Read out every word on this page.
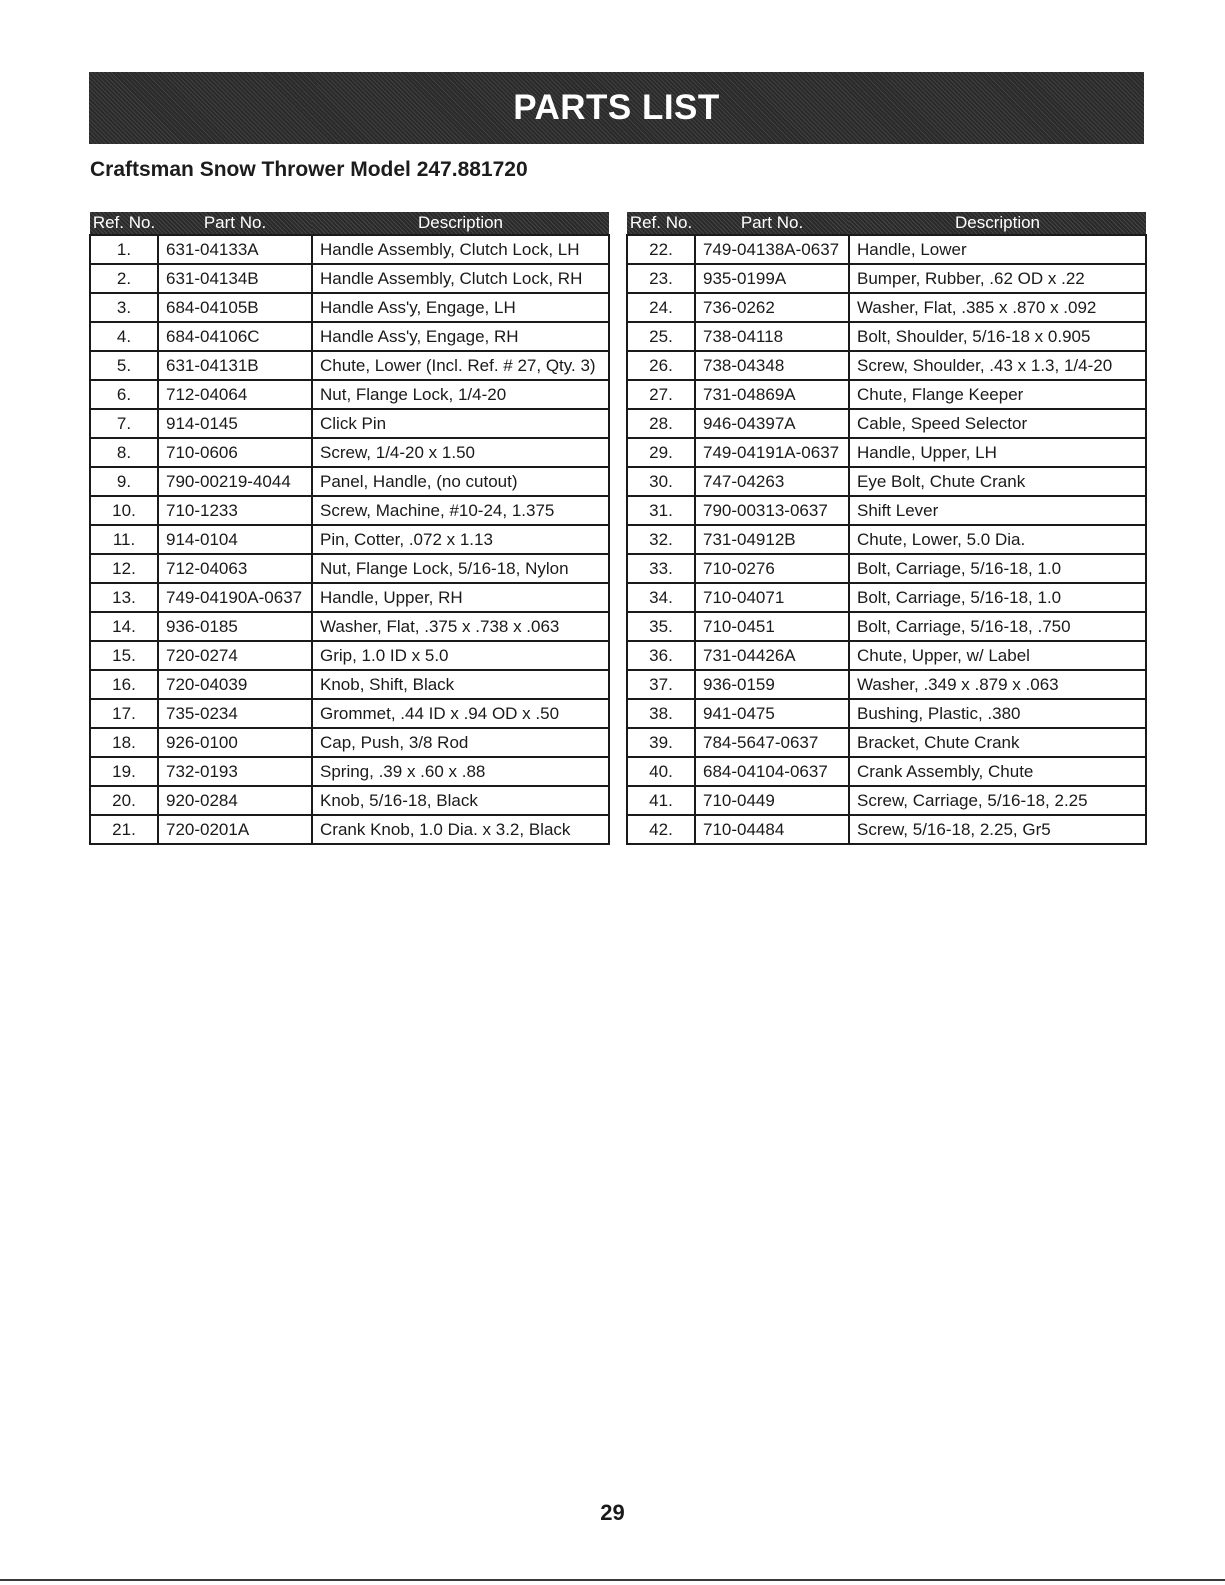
PARTS LIST
Craftsman Snow Thrower Model 247.881720
Ref. No.	Part No.	Description
1.	631-04133A	Handle Assembly, Clutch Lock, LH
2.	631-04134B	Handle Assembly, Clutch Lock, RH
3.	684-04105B	Handle Ass'y, Engage, LH
4.	684-04106C	Handle Ass'y, Engage, RH
5.	631-04131B	Chute, Lower (Incl. Ref. # 27, Qty. 3)
6.	712-04064	Nut, Flange Lock, 1/4-20
7.	914-0145	Click Pin
8.	710-0606	Screw, 1/4-20 x 1.50
9.	790-00219-4044	Panel, Handle, (no cutout)
10.	710-1233	Screw, Machine, #10-24, 1.375
11.	914-0104	Pin, Cotter, .072 x 1.13
12.	712-04063	Nut, Flange Lock, 5/16-18, Nylon
13.	749-04190A-0637	Handle, Upper, RH
14.	936-0185	Washer, Flat, .375 x .738 x .063
15.	720-0274	Grip, 1.0 ID x 5.0
16.	720-04039	Knob, Shift, Black
17.	735-0234	Grommet, .44 ID x .94 OD x .50
18.	926-0100	Cap, Push, 3/8 Rod
19.	732-0193	Spring, .39 x .60 x .88
20.	920-0284	Knob, 5/16-18, Black
21.	720-0201A	Crank Knob, 1.0 Dia. x 3.2, Black
Ref. No.	Part No.	Description
22.	749-04138A-0637	Handle, Lower
23.	935-0199A	Bumper, Rubber, .62 OD x .22
24.	736-0262	Washer, Flat, .385 x .870 x .092
25.	738-04118	Bolt, Shoulder, 5/16-18 x 0.905
26.	738-04348	Screw, Shoulder, .43 x 1.3, 1/4-20
27.	731-04869A	Chute, Flange Keeper
28.	946-04397A	Cable, Speed Selector
29.	749-04191A-0637	Handle, Upper, LH
30.	747-04263	Eye Bolt, Chute Crank
31.	790-00313-0637	Shift Lever
32.	731-04912B	Chute, Lower, 5.0 Dia.
33.	710-0276	Bolt, Carriage, 5/16-18, 1.0
34.	710-04071	Bolt, Carriage, 5/16-18, 1.0
35.	710-0451	Bolt, Carriage, 5/16-18, .750
36.	731-04426A	Chute, Upper, w/ Label
37.	936-0159	Washer, .349 x .879 x .063
38.	941-0475	Bushing, Plastic, .380
39.	784-5647-0637	Bracket, Chute Crank
40.	684-04104-0637	Crank Assembly, Chute
41.	710-0449	Screw, Carriage, 5/16-18, 2.25
42.	710-04484	Screw, 5/16-18, 2.25, Gr5
29
